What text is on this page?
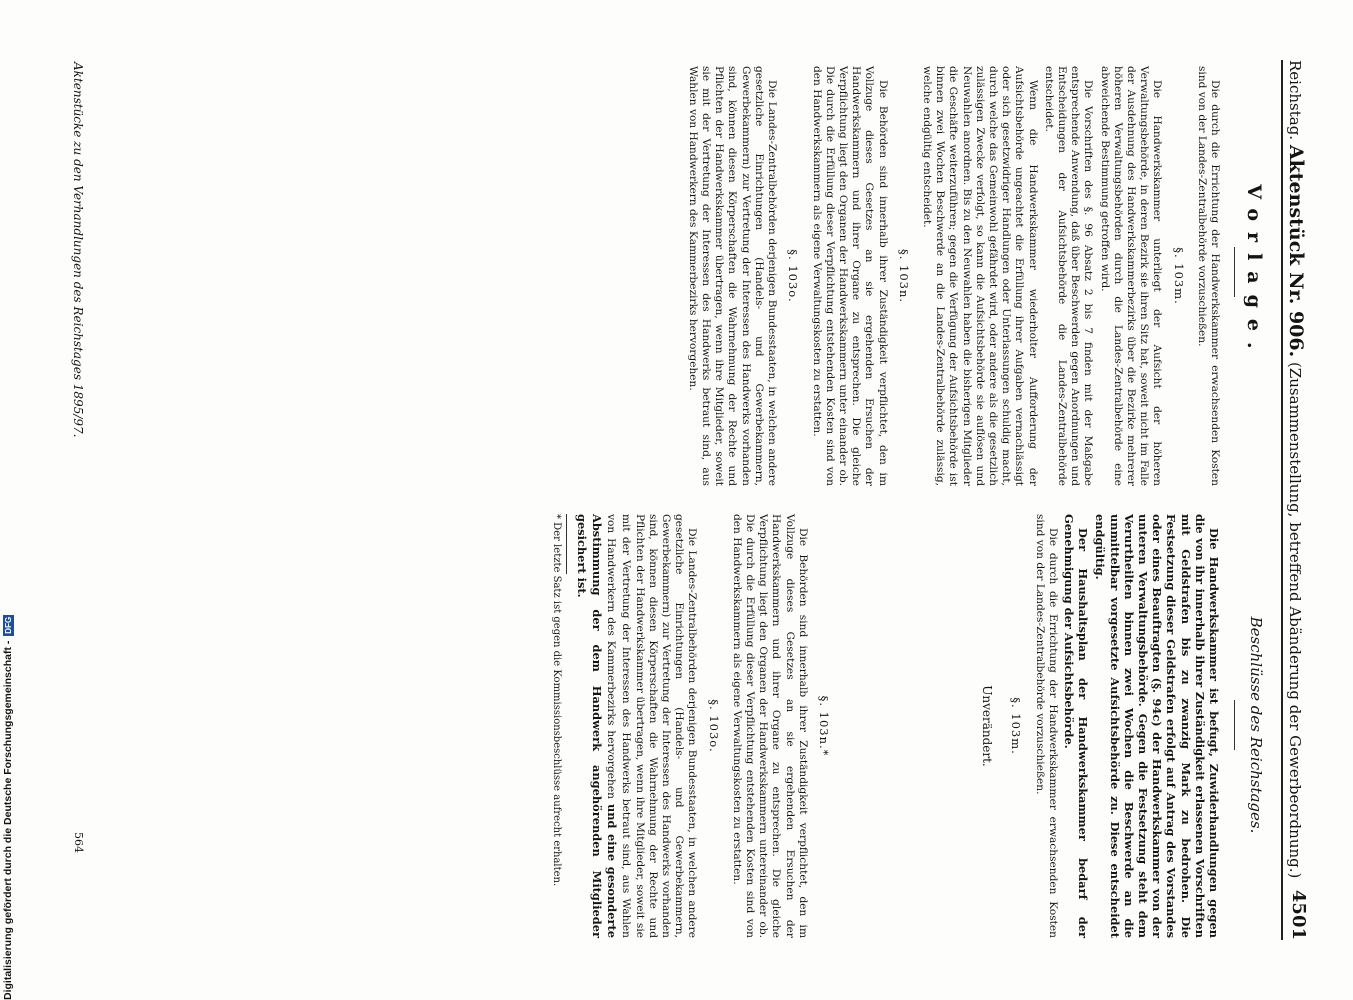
Reichstag. Aktenstück Nr. 906. (Zusammenstellung, betreffend Abänderung der Gewerbeordnung.)
4501
Vorlage.

Die durch die Errichtung der Handwerkskammer erwachsenden Kosten sind von der Landes-Zentralbehörde vorzuschießen.

§. 103m.

Die Handwerkskammer unterliegt der Aufsicht der höheren Verwaltungsbehörde, in deren Bezirk sie ihren Sitz hat, soweit nicht im Falle der Ausdehnung des Handwerkskammerbezirks über die Bezirke mehrerer höheren Verwaltungsbehörden durch die Landes-Zentralbehörde eine abweichende Bestimmung getroffen wird.

Die Vorschriften des §. 96 Absatz 2 bis 7 finden mit der Maßgabe entsprechende Anwendung, daß über Beschwerden gegen Anordnungen und Entscheidungen der Aufsichtsbehörde die Landes-Zentralbehörde entscheidet.

Wenn die Handwerkskammer wiederholter Aufforderung der Aufsichtsbehörde ungeachtet die Erfüllung ihrer Aufgaben vernachlässigt oder sich gesetzwidriger Handlungen oder Unterlassungen schuldig macht, durch welche das Gemeinwohl gefährdet wird, oder andere als die gesetzlich zulässigen Zwecke verfolgt, so kann die Aufsichtsbehörde sie auflösen und Neuwahlen anordnen. Bis zu den Neuwahlen haben die bisherigen Mitglieder die Geschäfte weiterzuführen; gegen die Verfügung der Aufsichtsbehörde ist binnen zwei Wochen Beschwerde an die Landes-Zentralbehörde zulässig, welche endgültig entscheidet.

§. 103n.

Die Behörden sind innerhalb ihrer Zuständigkeit verpflichtet, den im Vollzuge dieses Gesetzes an sie ergehenden Ersuchen der Handwerkskammern und ihrer Organe zu entsprechen. Die gleiche Verpflichtung liegt den Organen der Handwerkskammern unter einander ob. Die durch die Erfüllung dieser Verpflichtung entstehenden Kosten sind von den Handwerkskammern als eigene Verwaltungskosten zu erstatten.

§. 103o.

Die Landes-Zentralbehörden derjenigen Bundesstaaten, in welchen andere gesetzliche Einrichtungen (Handels- und Gewerbekammern, Gewerbekammern) zur Vertretung der Interessen des Handwerks vorhanden sind, können diesen Körperschaften die Wahrnehmung der Rechte und Pflichten der Handwerkskammer übertragen, wenn ihre Mitglieder, soweit sie mit der Vertretung der Interessen des Handwerks betraut sind, aus Wahlen von Handwerkern des Kammerbezirks hervorgehen.

Beschlüsse des Reichstages.

Die Handwerkskammer ist befugt, Zuwiderhandlungen gegen die von ihr innerhalb ihrer Zuständigkeit erlassenen Vorschriften mit Geldstrafen bis zu zwanzig Mark zu bedrohen. Die Festsetzung dieser Geldstrafen erfolgt auf Antrag des Vorstandes oder eines Beauftragten (§. 94c) der Handwerkskammer von der unteren Verwaltungsbehörde. Gegen die Festsetzung steht dem Verurtheilten binnen zwei Wochen die Beschwerde an die unmittelbar vorgesetzte Aufsichtsbehörde zu. Diese entscheidet endgültig.

Der Haushaltsplan der Handwerkskammer bedarf der Genehmigung der Aufsichtsbehörde.

Die durch die Errichtung der Handwerkskammer erwachsenden Kosten sind von der Landes-Zentralbehörde vorzuschießen.

§. 103m.
Unverändert.
§. 103n.*

Die Behörden sind innerhalb ihrer Zuständigkeit verpflichtet, den im Vollzuge dieses Gesetzes an sie ergehenden Ersuchen der Handwerkskammern und ihrer Organe zu entsprechen. Die gleiche Verpflichtung liegt den Organen der Handwerkskammern untereinander ob. Die durch die Erfüllung dieser Verpflichtung entstehenden Kosten sind von den Handwerkskammern als eigene Verwaltungskosten zu erstatten.

§. 103o.

Die Landes-Zentralbehörden derjenigen Bundesstaaten, in welchen andere gesetzliche Einrichtungen (Handels- und Gewerbekammern, Gewerbekammern) zur Vertretung der Interessen des Handwerks vorhanden sind, können diesen Körperschaften die Wahrnehmung der Rechte und Pflichten der Handwerkskammer übertragen, wenn ihre Mitglieder, soweit sie mit der Vertretung der Interessen des Handwerks betraut sind, aus Wahlen von Handwerkern des Kammerbezirks hervorgehen und eine gesonderte Abstimmung der dem Handwerk angehörenden Mitglieder gesichert ist.

* Der letzte Satz ist gegen die Kommissionsbeschlüsse aufrecht erhalten.
Aktenstücke zu den Verhandlungen des Reichstages 1895/97.
564
Digitalisierung gefördert durch die Deutsche Forschungsgemeinschaft - DFG
